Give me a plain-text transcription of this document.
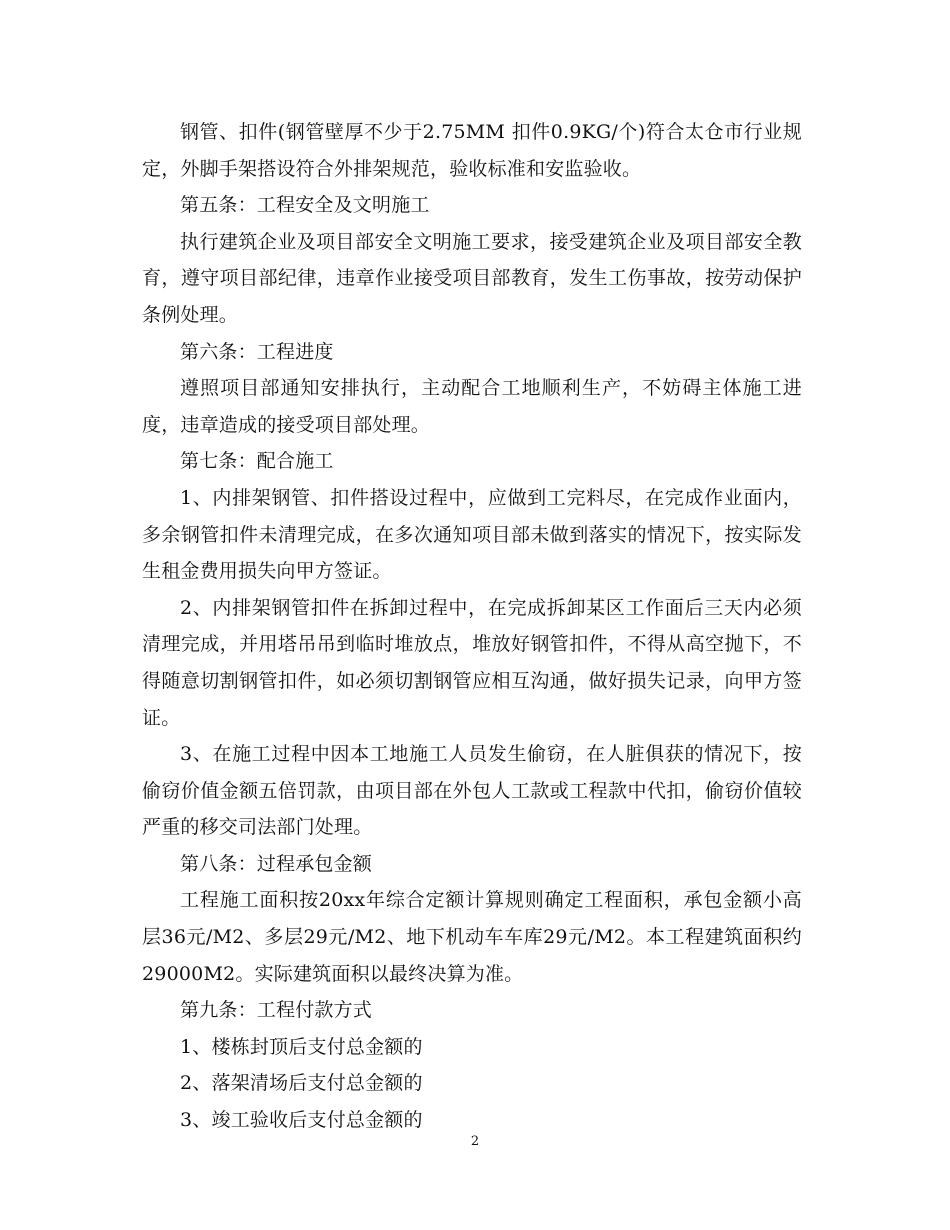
钢管、扣件(钢管壁厚不少于2.75MM 扣件0.9KG/个)符合太仓市行业规定，外脚手架搭设符合外排架规范，验收标准和安监验收。

第五条：工程安全及文明施工

执行建筑企业及项目部安全文明施工要求，接受建筑企业及项目部安全教育，遵守项目部纪律，违章作业接受项目部教育，发生工伤事故，按劳动保护条例处理。

第六条：工程进度

遵照项目部通知安排执行，主动配合工地顺利生产，不妨碍主体施工进度，违章造成的接受项目部处理。

第七条：配合施工

1、内排架钢管、扣件搭设过程中，应做到工完料尽，在完成作业面内，多余钢管扣件未清理完成，在多次通知项目部未做到落实的情况下，按实际发生租金费用损失向甲方签证。

2、内排架钢管扣件在拆卸过程中，在完成拆卸某区工作面后三天内必须清理完成，并用塔吊吊到临时堆放点，堆放好钢管扣件，不得从高空抛下，不得随意切割钢管扣件，如必须切割钢管应相互沟通，做好损失记录，向甲方签证。

3、在施工过程中因本工地施工人员发生偷窃，在人脏俱获的情况下，按偷窃价值金额五倍罚款，由项目部在外包人工款或工程款中代扣，偷窃价值较严重的移交司法部门处理。

第八条：过程承包金额

工程施工面积按20xx年综合定额计算规则确定工程面积，承包金额小高层36元/M2、多层29元/M2、地下机动车车库29元/M2。本工程建筑面积约29000M2。实际建筑面积以最终决算为准。

第九条：工程付款方式

1、楼栋封顶后支付总金额的

2、落架清场后支付总金额的

3、竣工验收后支付总金额的

2
